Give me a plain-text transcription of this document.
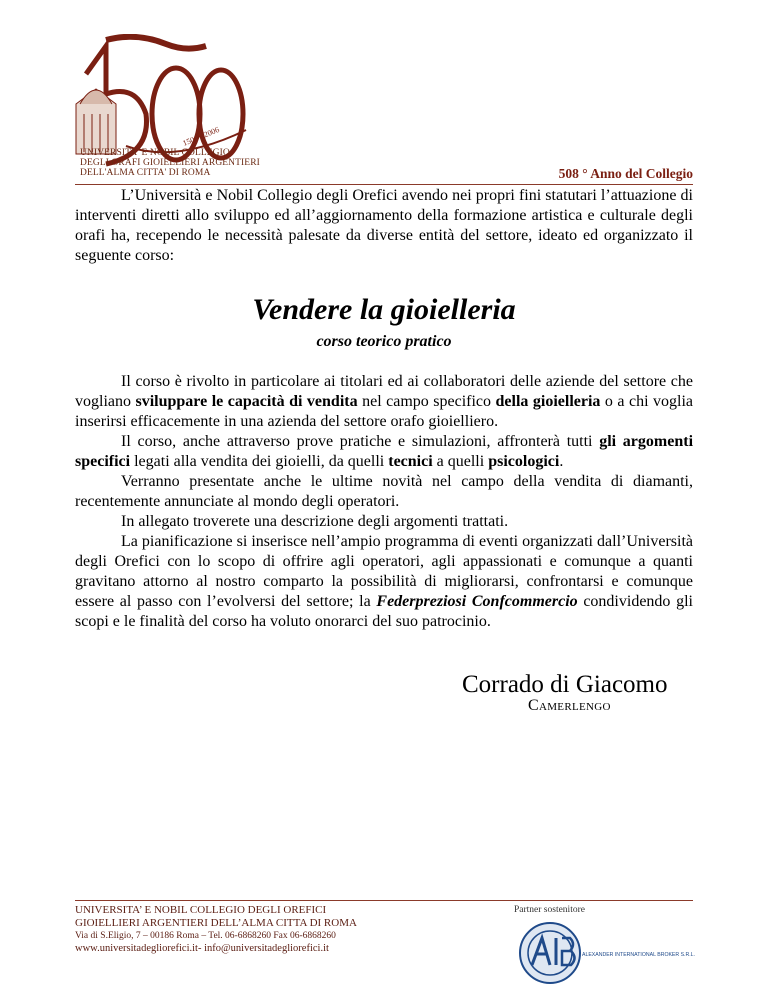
1506 - 2006
UNIVERSITA' E NOBIL COLLEGIO
DEGLI ORAFI GIOIELLIERI ARGENTIERI
DELL'ALMA CITTA' DI ROMA	508 ° Anno del Collegio

L’Università e Nobil Collegio degli Orefici avendo nei propri fini statutari l’attuazione di interventi diretti allo sviluppo ed all’aggiornamento della formazione artistica e culturale degli orafi ha, recependo le necessità palesate da diverse entità del settore, ideato ed organizzato il seguente corso:

Vendere la gioielleria
corso teorico pratico

Il corso è rivolto in particolare ai titolari ed ai collaboratori delle aziende del settore che vogliano sviluppare le capacità di vendita nel campo specifico della gioielleria o a chi voglia inserirsi efficacemente in una azienda del settore orafo gioielliero.

Il corso, anche attraverso prove pratiche e simulazioni, affronterà tutti gli argomenti specifici legati alla vendita dei gioielli, da quelli tecnici a quelli psicologici.

Verranno presentate anche le ultime novità nel campo della vendita di diamanti, recentemente annunciate al mondo degli operatori.

In allegato troverete una descrizione degli argomenti trattati.

La pianificazione si inserisce nell’ampio programma di eventi organizzati dall’Università degli Orefici con lo scopo di offrire agli operatori, agli appassionati e comunque a quanti gravitano attorno al nostro comparto la possibilità di migliorarsi, confrontarsi e comunque essere al passo con l’evolversi del settore; la Federpreziosi Confcommercio condividendo gli scopi e le finalità del corso ha voluto onorarci del suo patrocinio.

Corrado di Giacomo
Camerlengo
UNIVERSITA’ E NOBIL COLLEGIO DEGLI OREFICI
GIOIELLIERI ARGENTIERI DELL’ALMA CITTA DI ROMA
Via di S.Eligio, 7 – 00186 Roma – Tel. 06-6868260 Fax 06-6868260
www.universitadegliorefici.it- info@universitadegliorefici.it
Partner sostenitore
ALEXANDER INTERNATIONAL BROKER S.R.L.
